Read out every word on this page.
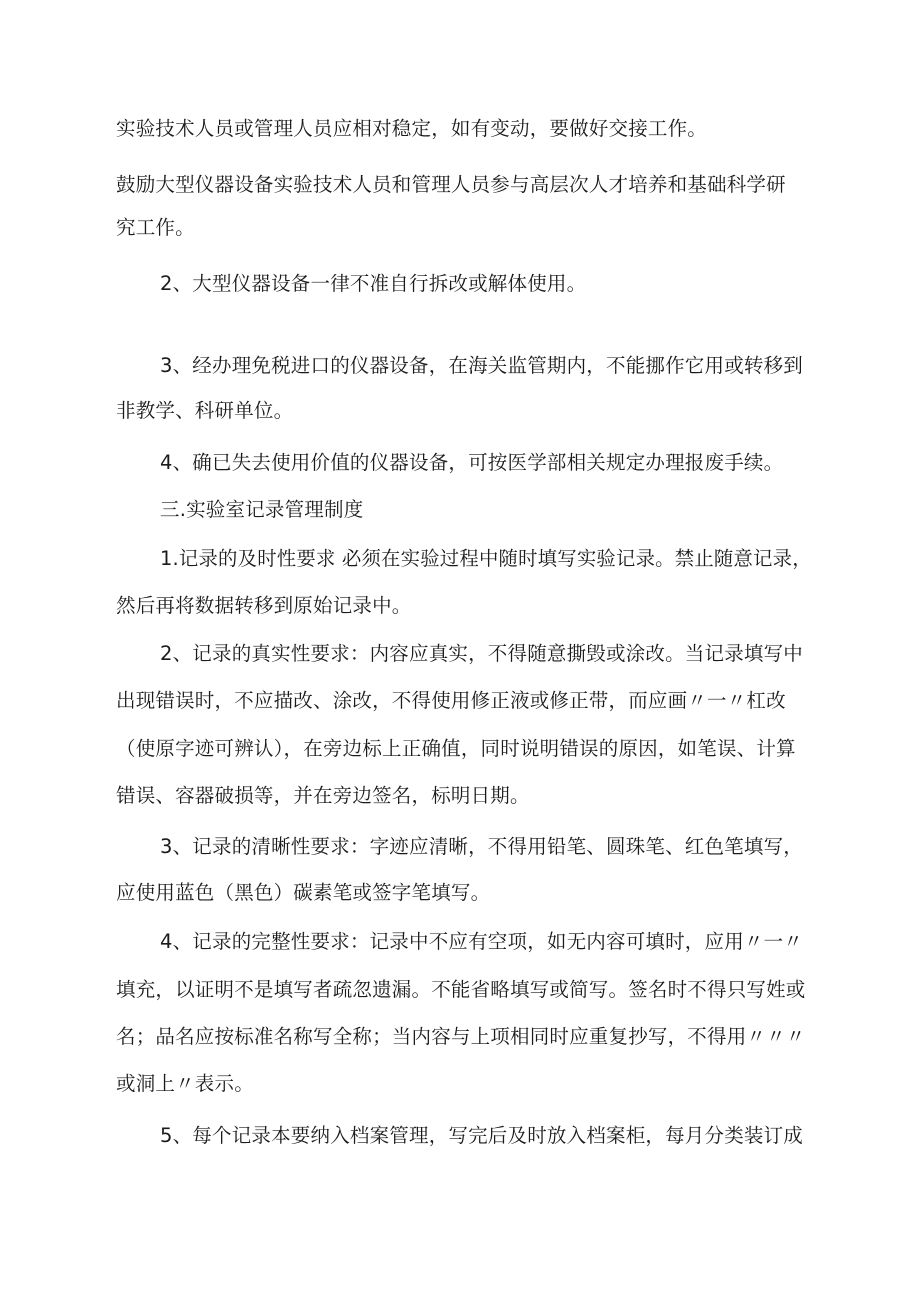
实验技术人员或管理人员应相对稳定，如有变动，要做好交接工作。
鼓励大型仪器设备实验技术人员和管理人员参与高层次人才培养和基础科学研
究工作。
2、大型仪器设备一律不准自行拆改或解体使用。
3、经办理免税进口的仪器设备，在海关监管期内，不能挪作它用或转移到
非教学、科研单位。
4、确已失去使用价值的仪器设备，可按医学部相关规定办理报废手续。
三.实验室记录管理制度
1.记录的及时性要求 必须在实验过程中随时填写实验记录。禁止随意记录，
然后再将数据转移到原始记录中。
2、记录的真实性要求：内容应真实，不得随意撕毁或涂改。当记录填写中
出现错误时，不应描改、涂改，不得使用修正液或修正带，而应画〃一〃杠改
（使原字迹可辨认），在旁边标上正确值，同时说明错误的原因，如笔误、计算
错误、容器破损等，并在旁边签名，标明日期。
3、记录的清晰性要求：字迹应清晰，不得用铅笔、圆珠笔、红色笔填写，
应使用蓝色（黑色）碳素笔或签字笔填写。
4、记录的完整性要求：记录中不应有空项，如无内容可填时，应用〃一〃
填充，以证明不是填写者疏忽遗漏。不能省略填写或简写。签名时不得只写姓或
名；品名应按标准名称写全称；当内容与上项相同时应重复抄写，不得用〃〃〃
或洞上〃表示。
5、每个记录本要纳入档案管理，写完后及时放入档案柜，每月分类装订成
